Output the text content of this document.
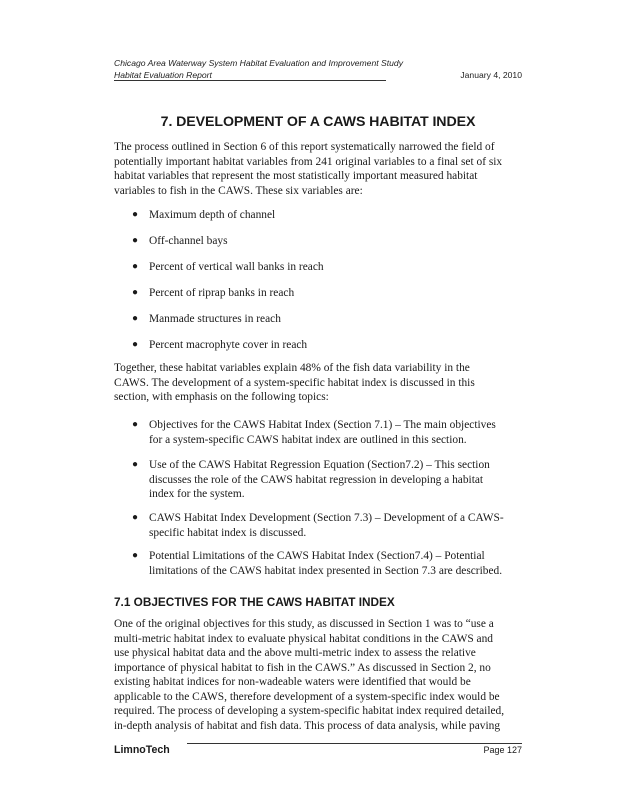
Chicago Area Waterway System Habitat Evaluation and Improvement Study
Habitat Evaluation Report	January 4, 2010
7. DEVELOPMENT OF A CAWS HABITAT INDEX
The process outlined in Section 6 of this report systematically narrowed the field of
potentially important habitat variables from 241 original variables to a final set of six
habitat variables that represent the most statistically important measured habitat
variables to fish in the CAWS. These six variables are:
● Maximum depth of channel
● Off-channel bays
● Percent of vertical wall banks in reach
● Percent of riprap banks in reach
● Manmade structures in reach
● Percent macrophyte cover in reach
Together, these habitat variables explain 48% of the fish data variability in the
CAWS. The development of a system-specific habitat index is discussed in this
section, with emphasis on the following topics:
● Objectives for the CAWS Habitat Index (Section 7.1) – The main objectives
for a system-specific CAWS habitat index are outlined in this section.
● Use of the CAWS Habitat Regression Equation (Section7.2) – This section
discusses the role of the CAWS habitat regression in developing a habitat
index for the system.
● CAWS Habitat Index Development (Section 7.3) – Development of a CAWS-
specific habitat index is discussed.
● Potential Limitations of the CAWS Habitat Index (Section7.4) – Potential
limitations of the CAWS habitat index presented in Section 7.3 are described.
7.1 OBJECTIVES FOR THE CAWS HABITAT INDEX
One of the original objectives for this study, as discussed in Section 1 was to “use a
multi-metric habitat index to evaluate physical habitat conditions in the CAWS and
use physical habitat data and the above multi-metric index to assess the relative
importance of physical habitat to fish in the CAWS.” As discussed in Section 2, no
existing habitat indices for non-wadeable waters were identified that would be
applicable to the CAWS, therefore development of a system-specific index would be
required. The process of developing a system-specific habitat index required detailed,
in-depth analysis of habitat and fish data. This process of data analysis, while paving
LimnoTech	Page 127
